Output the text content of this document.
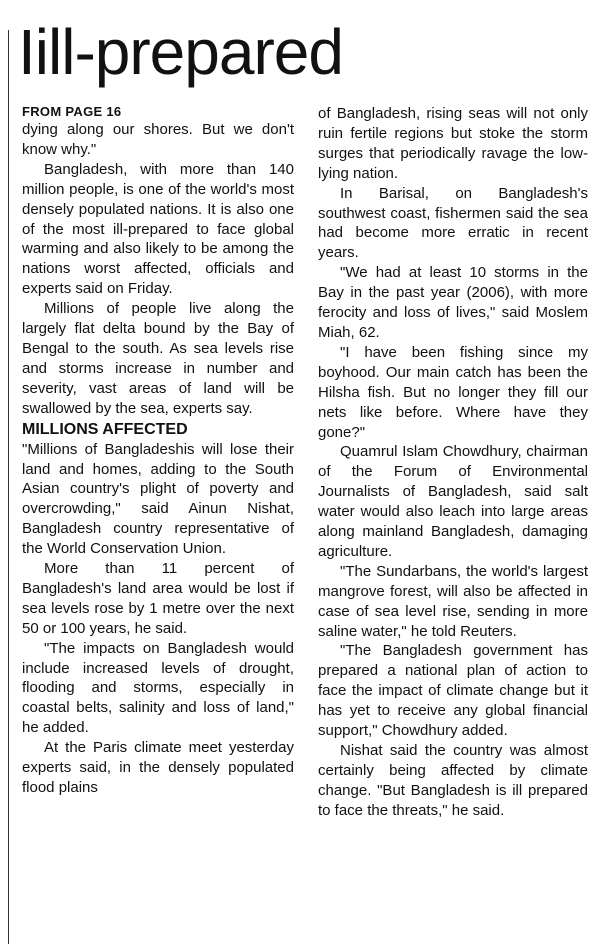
Iill-prepared
FROM PAGE 16

dying along our shores. But we don't know why."

Bangladesh, with more than 140 million people, is one of the world's most densely populated nations. It is also one of the most ill-prepared to face global warming and also likely to be among the nations worst affected, officials and experts said on Friday.

Millions of people live along the largely flat delta bound by the Bay of Bengal to the south. As sea levels rise and storms increase in number and severity, vast areas of land will be swallowed by the sea, experts say.

MILLIONS AFFECTED

"Millions of Bangladeshis will lose their land and homes, adding to the South Asian country's plight of poverty and overcrowding," said Ainun Nishat, Bangladesh country representative of the World Conservation Union.

More than 11 percent of Bangladesh's land area would be lost if sea levels rose by 1 metre over the next 50 or 100 years, he said.

"The impacts on Bangladesh would include increased levels of drought, flooding and storms, especially in coastal belts, salinity and loss of land," he added.

At the Paris climate meet yesterday experts said, in the densely populated flood plains

of Bangladesh, rising seas will not only ruin fertile regions but stoke the storm surges that periodically ravage the low-lying nation.

In Barisal, on Bangladesh's southwest coast, fishermen said the sea had become more erratic in recent years.

"We had at least 10 storms in the Bay in the past year (2006), with more ferocity and loss of lives," said Moslem Miah, 62.

"I have been fishing since my boyhood. Our main catch has been the Hilsha fish. But no longer they fill our nets like before. Where have they gone?"

Quamrul Islam Chowdhury, chairman of the Forum of Environmental Journalists of Bangladesh, said salt water would also leach into large areas along mainland Bangladesh, damaging agriculture.

"The Sundarbans, the world's largest mangrove forest, will also be affected in case of sea level rise, sending in more saline water," he told Reuters.

"The Bangladesh government has prepared a national plan of action to face the impact of climate change but it has yet to receive any global financial support," Chowdhury added.

Nishat said the country was almost certainly being affected by climate change. "But Bangladesh is ill prepared to face the threats," he said.
